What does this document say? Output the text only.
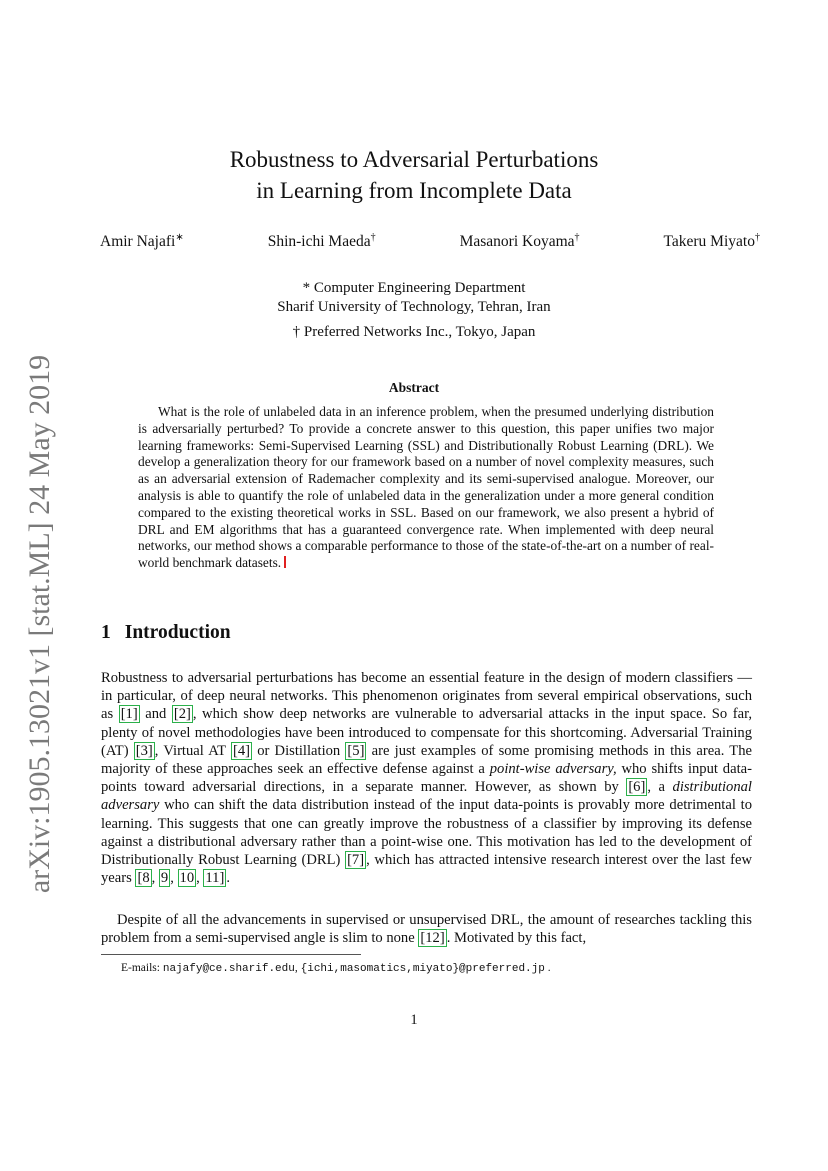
arXiv:1905.13021v1 [stat.ML] 24 May 2019
Robustness to Adversarial Perturbations
in Learning from Incomplete Data
Amir Najafi∗	Shin-ichi Maeda†	Masanori Koyama†	Takeru Miyato†
* Computer Engineering Department
Sharif University of Technology, Tehran, Iran
† Preferred Networks Inc., Tokyo, Japan
Abstract
What is the role of unlabeled data in an inference problem, when the presumed underlying distribution is adversarially perturbed? To provide a concrete answer to this question, this paper unifies two major learning frameworks: Semi-Supervised Learning (SSL) and Distributionally Robust Learning (DRL). We develop a generalization theory for our framework based on a number of novel complexity measures, such as an adversarial extension of Rademacher complexity and its semi-supervised analogue. Moreover, our analysis is able to quantify the role of unlabeled data in the generalization under a more general condition compared to the existing theoretical works in SSL. Based on our framework, we also present a hybrid of DRL and EM algorithms that has a guaranteed convergence rate. When implemented with deep neural networks, our method shows a comparable performance to those of the state-of-the-art on a number of real-world benchmark datasets.
1 Introduction
Robustness to adversarial perturbations has become an essential feature in the design of modern classifiers —in particular, of deep neural networks. This phenomenon originates from several empirical observations, such as [1] and [2] , which show deep networks are vulnerable to adversarial attacks in the input space. So far, plenty of novel methodologies have been introduced to compensate for this shortcoming. Adversarial Training (AT) [3] , Virtual AT [4] or Distillation [5] are just examples of some promising methods in this area. The majority of these approaches seek an effective defense against a point-wise adversary, who shifts input data-points toward adversarial directions, in a separate manner. However, as shown by [6] , a distributional adversary who can shift the data distribution instead of the input data-points is provably more detrimental to learning. This suggests that one can greatly improve the robustness of a classifier by improving its defense against a distributional adversary rather than a point-wise one. This motivation has led to the development of Distributionally Robust Learning (DRL) [7] , which has attracted intensive research interest over the last few years [8 , 9 , 10 , 11] .
Despite of all the advancements in supervised or unsupervised DRL, the amount of researches tackling this problem from a semi-supervised angle is slim to none [12] . Motivated by this fact,
E-mails: najafy@ce.sharif.edu, {ichi,masomatics,miyato}@preferred.jp .
1
